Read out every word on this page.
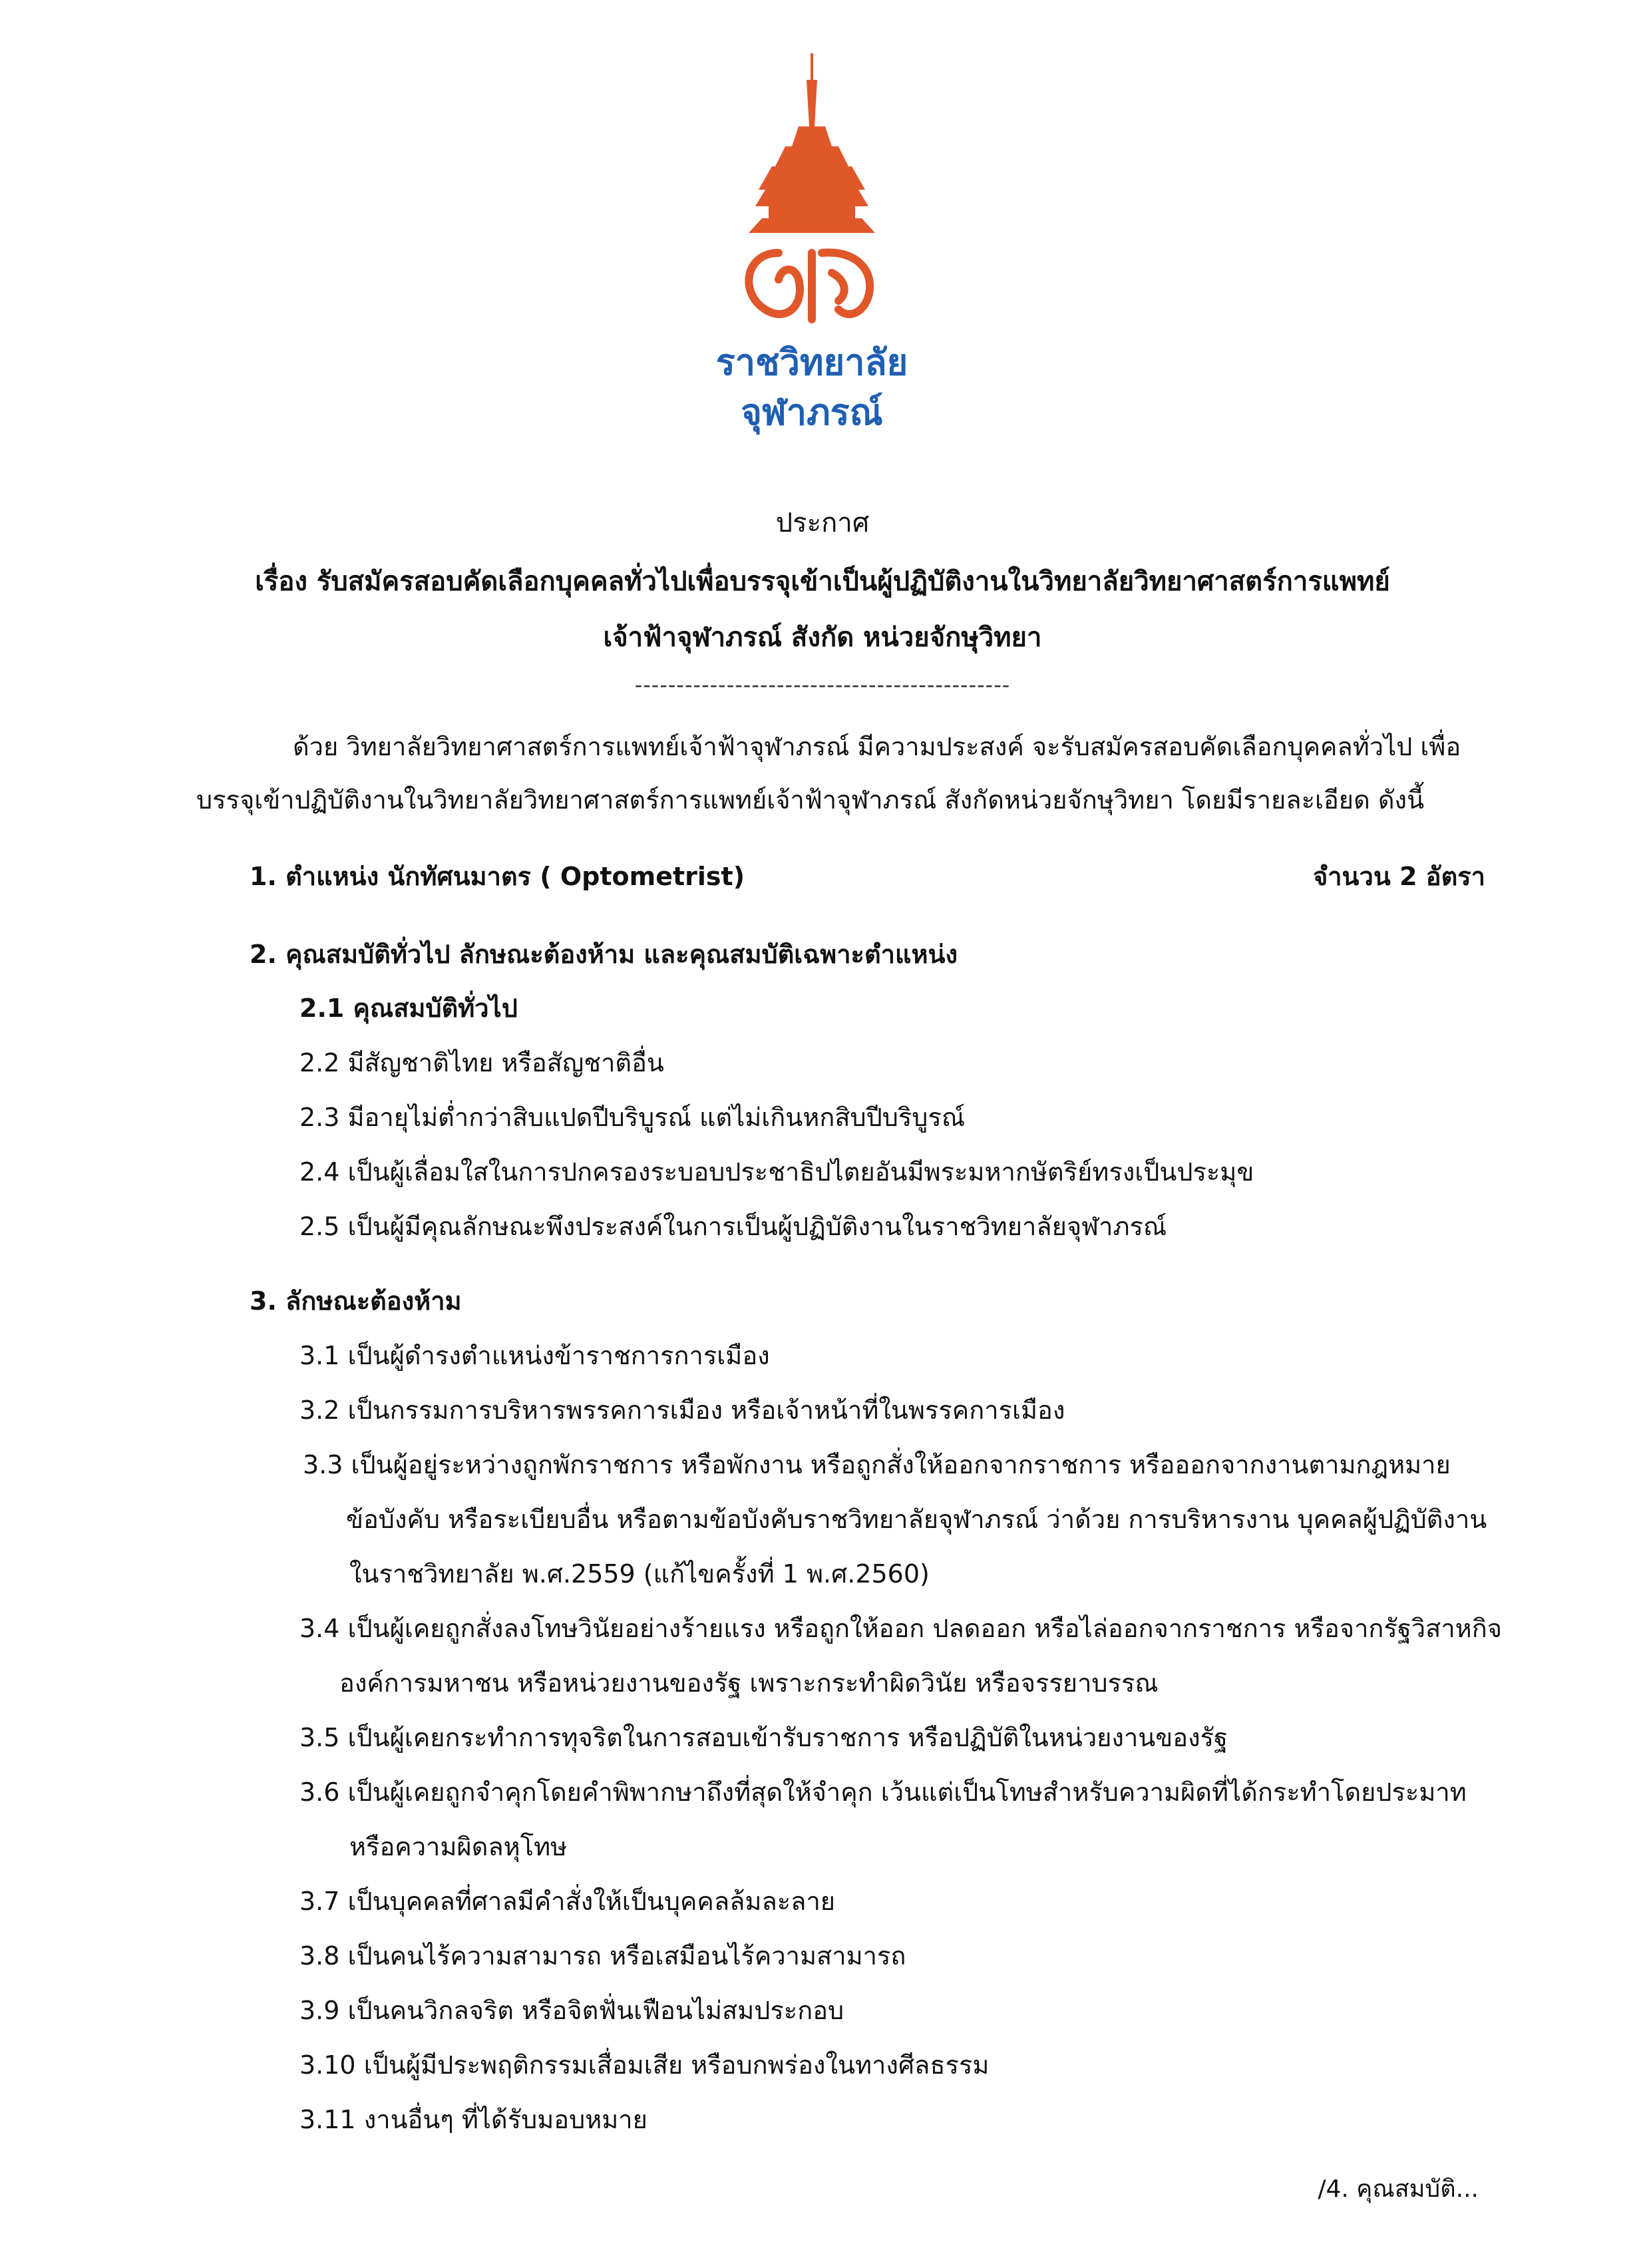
ราชวิทยาลัย
จุฬาภรณ์
ประกาศ
เรื่อง รับสมัครสอบคัดเลือกบุคคลทั่วไปเพื่อบรรจุเข้าเป็นผู้ปฏิบัติงานในวิทยาลัยวิทยาศาสตร์การแพทย์
เจ้าฟ้าจุฬาภรณ์ สังกัด หน่วยจักษุวิทยา
---------------------------------------------
ด้วย วิทยาลัยวิทยาศาสตร์การแพทย์เจ้าฟ้าจุฬาภรณ์ มีความประสงค์ จะรับสมัครสอบคัดเลือกบุคคลทั่วไป เพื่อ
บรรจุเข้าปฏิบัติงานในวิทยาลัยวิทยาศาสตร์การแพทย์เจ้าฟ้าจุฬาภรณ์ สังกัดหน่วยจักษุวิทยา โดยมีรายละเอียด ดังนี้
1. ตำแหน่ง นักทัศนมาตร ( Optometrist)	จำนวน 2 อัตรา
2. คุณสมบัติทั่วไป ลักษณะต้องห้าม และคุณสมบัติเฉพาะตำแหน่ง
2.1 คุณสมบัติทั่วไป
2.2 มีสัญชาติไทย หรือสัญชาติอื่น
2.3 มีอายุไม่ต่ำกว่าสิบแปดปีบริบูรณ์ แต่ไม่เกินหกสิบปีบริบูรณ์
2.4 เป็นผู้เลื่อมใสในการปกครองระบอบประชาธิปไตยอันมีพระมหากษัตริย์ทรงเป็นประมุข
2.5 เป็นผู้มีคุณลักษณะพึงประสงค์ในการเป็นผู้ปฏิบัติงานในราชวิทยาลัยจุฬาภรณ์
3. ลักษณะต้องห้าม
3.1 เป็นผู้ดำรงตำแหน่งข้าราชการการเมือง
3.2 เป็นกรรมการบริหารพรรคการเมือง หรือเจ้าหน้าที่ในพรรคการเมือง
3.3 เป็นผู้อยู่ระหว่างถูกพักราชการ หรือพักงาน หรือถูกสั่งให้ออกจากราชการ หรือออกจากงานตามกฎหมาย
ข้อบังคับ หรือระเบียบอื่น หรือตามข้อบังคับราชวิทยาลัยจุฬาภรณ์ ว่าด้วย การบริหารงาน บุคคลผู้ปฏิบัติงาน
ในราชวิทยาลัย พ.ศ.2559 (แก้ไขครั้งที่ 1 พ.ศ.2560)
3.4 เป็นผู้เคยถูกสั่งลงโทษวินัยอย่างร้ายแรง หรือถูกให้ออก ปลดออก หรือไล่ออกจากราชการ หรือจากรัฐวิสาหกิจ
องค์การมหาชน หรือหน่วยงานของรัฐ เพราะกระทำผิดวินัย หรือจรรยาบรรณ
3.5 เป็นผู้เคยกระทำการทุจริตในการสอบเข้ารับราชการ หรือปฏิบัติในหน่วยงานของรัฐ
3.6 เป็นผู้เคยถูกจำคุกโดยคำพิพากษาถึงที่สุดให้จำคุก เว้นแต่เป็นโทษสำหรับความผิดที่ได้กระทำโดยประมาท
หรือความผิดลหุโทษ
3.7 เป็นบุคคลที่ศาลมีคำสั่งให้เป็นบุคคลล้มละลาย
3.8 เป็นคนไร้ความสามารถ หรือเสมือนไร้ความสามารถ
3.9 เป็นคนวิกลจริต หรือจิตฟั่นเฟือนไม่สมประกอบ
3.10 เป็นผู้มีประพฤติกรรมเสื่อมเสีย หรือบกพร่องในทางศีลธรรม
3.11 งานอื่นๆ ที่ได้รับมอบหมาย
/4. คุณสมบัติ...
